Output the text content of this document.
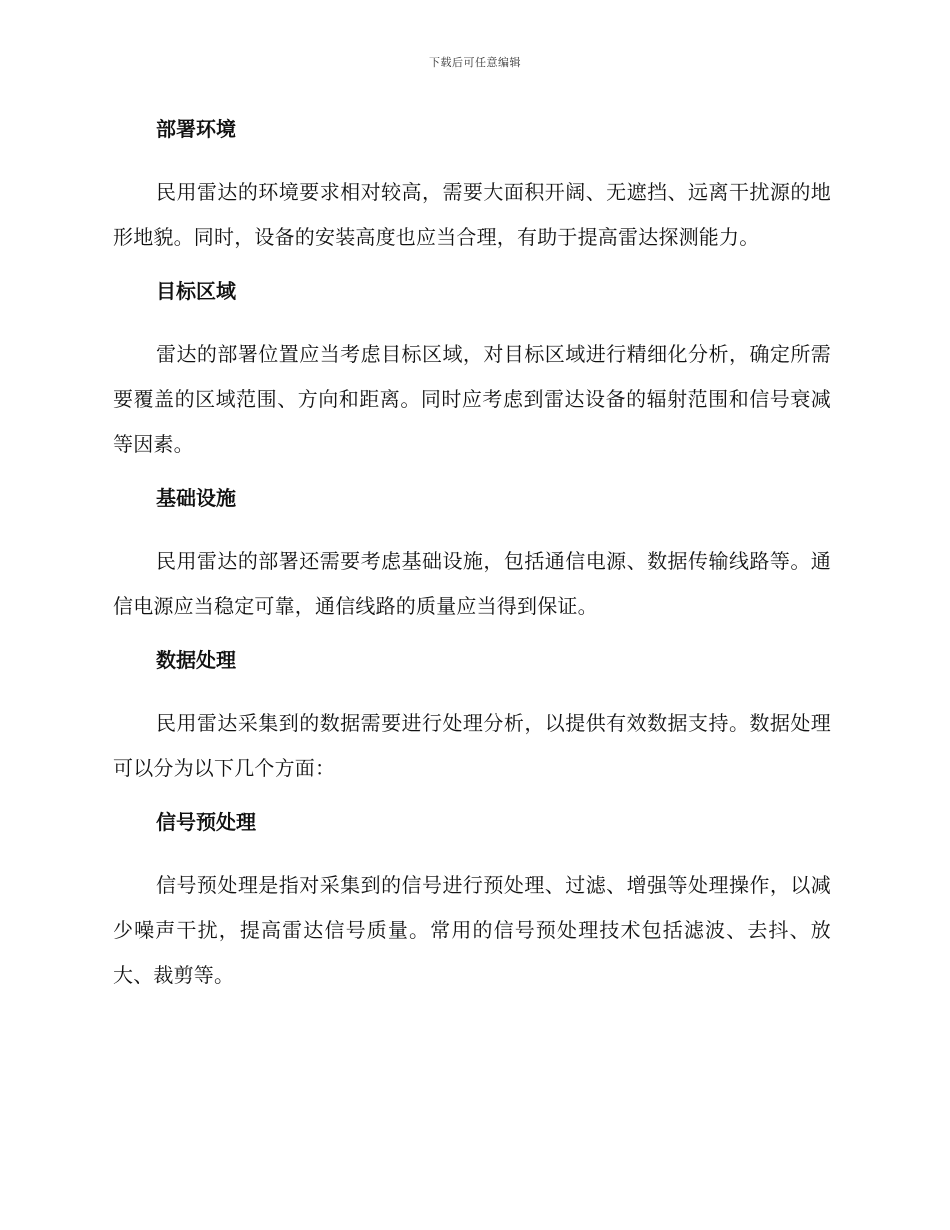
下载后可任意编辑
部署环境

民用雷达的环境要求相对较高，需要大面积开阔、无遮挡、远离干扰源的地形地貌。同时，设备的安装高度也应当合理，有助于提高雷达探测能力。

目标区域

雷达的部署位置应当考虑目标区域，对目标区域进行精细化分析，确定所需要覆盖的区域范围、方向和距离。同时应考虑到雷达设备的辐射范围和信号衰减等因素。

基础设施

民用雷达的部署还需要考虑基础设施，包括通信电源、数据传输线路等。通信电源应当稳定可靠，通信线路的质量应当得到保证。

数据处理

民用雷达采集到的数据需要进行处理分析，以提供有效数据支持。数据处理可以分为以下几个方面：

信号预处理

信号预处理是指对采集到的信号进行预处理、过滤、增强等处理操作，以减少噪声干扰，提高雷达信号质量。常用的信号预处理技术包括滤波、去抖、放大、裁剪等。
